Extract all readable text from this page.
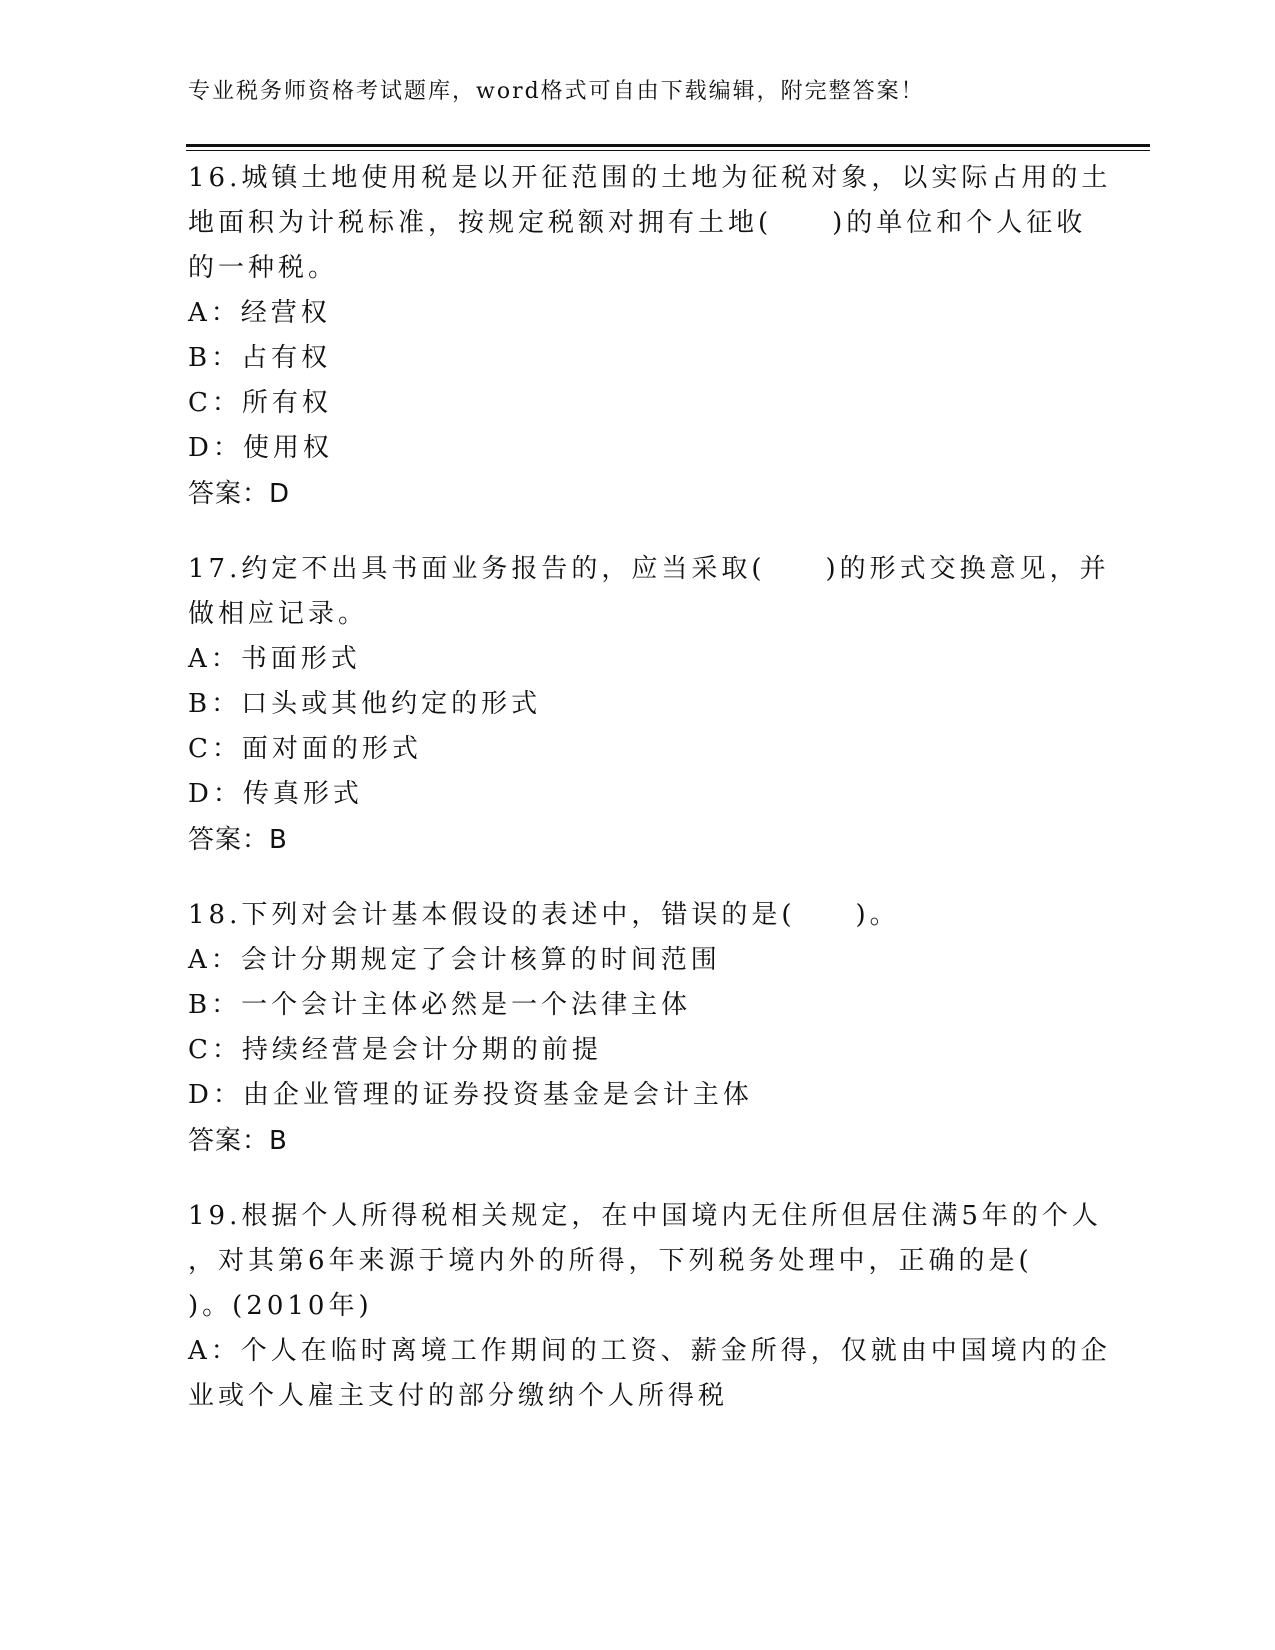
专业税务师资格考试题库，word格式可自由下载编辑，附完整答案！
16.城镇土地使用税是以开征范围的土地为征税对象，以实际占用的土
地面积为计税标准，按规定税额对拥有土地(　　)的单位和个人征收
的一种税。
A：经营权
B：占有权
C：所有权
D：使用权
答案：D
17.约定不出具书面业务报告的，应当采取(　　)的形式交换意见，并
做相应记录。
A：书面形式
B：口头或其他约定的形式
C：面对面的形式
D：传真形式
答案：B
18.下列对会计基本假设的表述中，错误的是(　　)。
A：会计分期规定了会计核算的时间范围
B：一个会计主体必然是一个法律主体
C：持续经营是会计分期的前提
D：由企业管理的证券投资基金是会计主体
答案：B
19.根据个人所得税相关规定，在中国境内无住所但居住满5年的个人
，对其第6年来源于境内外的所得，下列税务处理中，正确的是(
)。(2010年)
A：个人在临时离境工作期间的工资、薪金所得，仅就由中国境内的企
业或个人雇主支付的部分缴纳个人所得税
